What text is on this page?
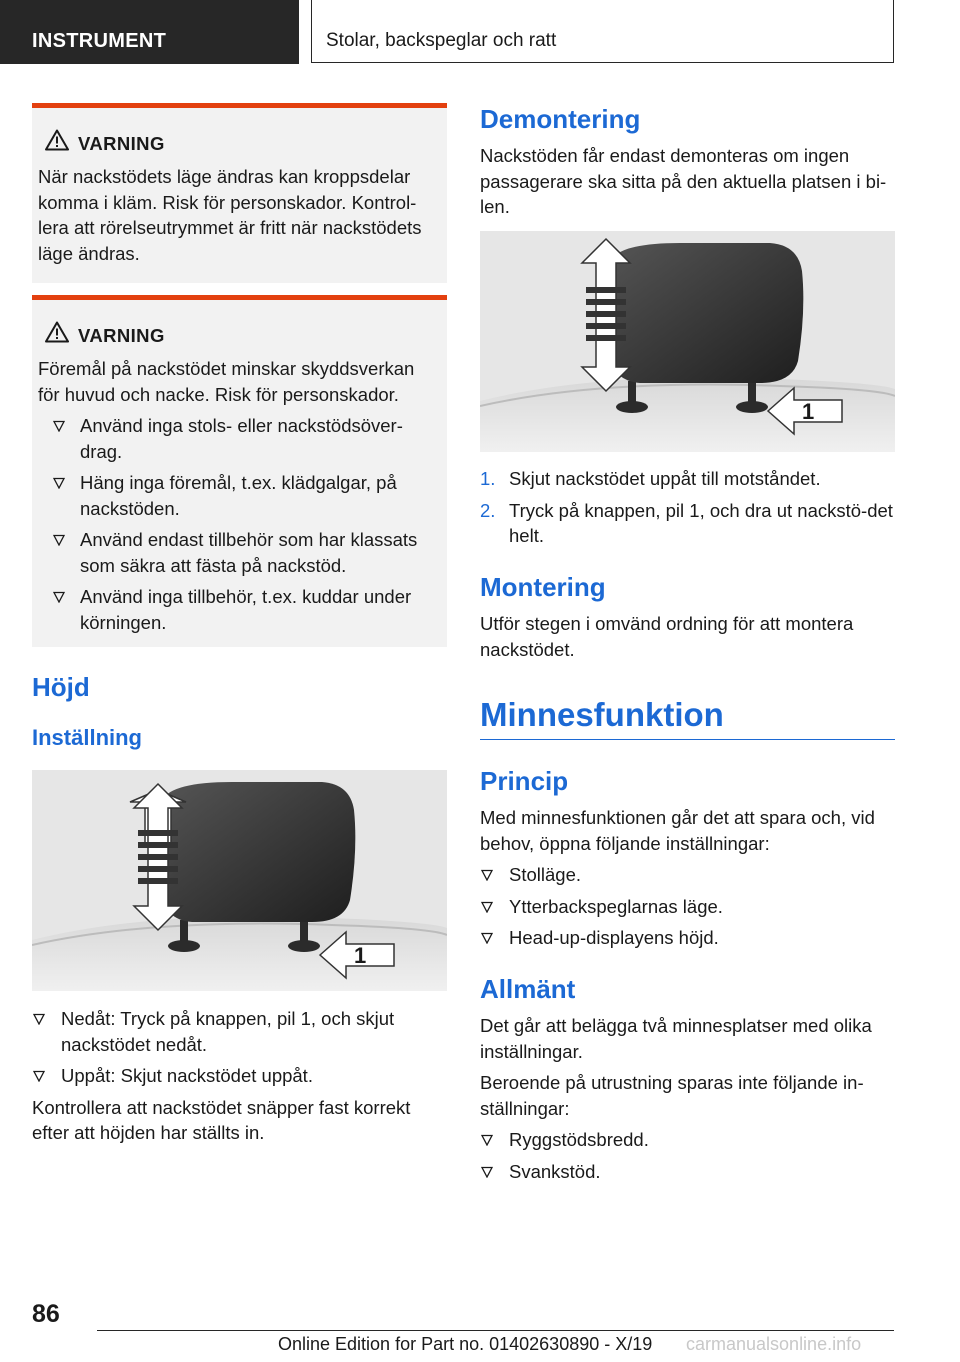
INSTRUMENT	Stolar, backspeglar och ratt
VARNING

När nackstödets läge ändras kan kroppsdelar komma i kläm. Risk för personskador. Kontrol-lera att rörelseutrymmet är fritt när nackstödets läge ändras.

VARNING

Föremål på nackstödet minskar skyddsverkan för huvud och nacke. Risk för personskador.

Använd inga stols- eller nackstödsöver-drag.
Häng inga föremål, t.ex. klädgalgar, på nackstöden.
Använd endast tillbehör som har klassats som säkra att fästa på nackstöd.
Använd inga tillbehör, t.ex. kuddar under körningen.
Höjd
Inställning
1
Nedåt: Tryck på knappen, pil 1, och skjut nackstödet nedåt.
Uppåt: Skjut nackstödet uppåt.

Kontrollera att nackstödet snäpper fast korrekt efter att höjden har ställts in.

Demontering

Nackstöden får endast demonteras om ingen passagerare ska sitta på den aktuella platsen i bi-len.

1
1. Skjut nackstödet uppåt till motståndet.
2. Tryck på knappen, pil 1, och dra ut nackstö-det helt.
Montering

Utför stegen i omvänd ordning för att montera nackstödet.

Minnesfunktion
Princip

Med minnesfunktionen går det att spara och, vid behov, öppna följande inställningar:

Stolläge.
Ytterbackspeglarnas läge.
Head-up-displayens höjd.
Allmänt

Det går att belägga två minnesplatser med olika inställningar.

Beroende på utrustning sparas inte följande in-ställningar:

Ryggstödsbredd.
Svankstöd.
86
Online Edition for Part no. 01402630890 - X/19 carmanualsonline.info
